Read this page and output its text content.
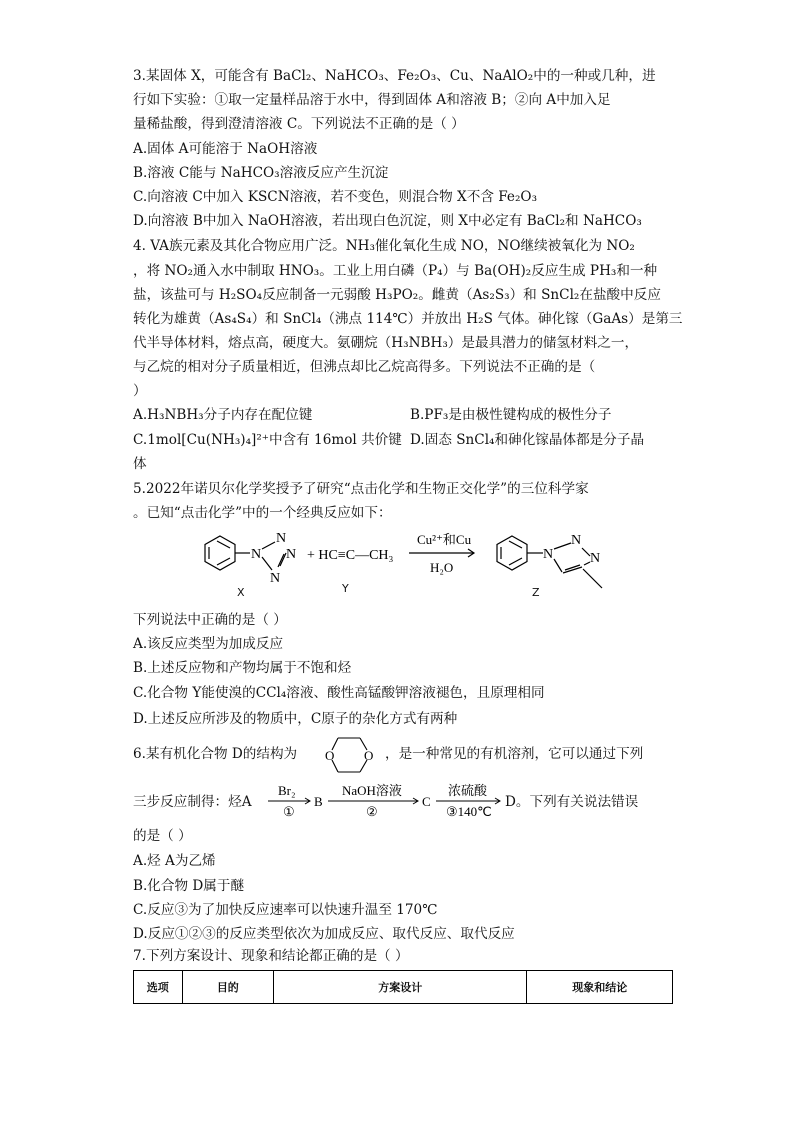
3.某固体 X，可能含有 BaCl₂、NaHCO₃、Fe₂O₃、Cu、NaAlO₂中的一种或几种，进
行如下实验：①取一定量样品溶于水中，得到固体 A和溶液 B；②向 A中加入足
量稀盐酸，得到澄清溶液 C。下列说法不正确的是（ ）
A.固体 A可能溶于 NaOH溶液
B.溶液 C能与 NaHCO₃溶液反应产生沉淀
C.向溶液 C中加入 KSCN溶液，若不变色，则混合物 X不含 Fe₂O₃
D.向溶液 B中加入 NaOH溶液，若出现白色沉淀，则 X中必定有 BaCl₂和 NaHCO₃
4. VA族元素及其化合物应用广泛。NH₃催化氧化生成 NO，NO继续被氧化为 NO₂
，将 NO₂通入水中制取 HNO₃。工业上用白磷（P₄）与 Ba(OH)₂反应生成 PH₃和一种
盐，该盐可与 H₂SO₄反应制备一元弱酸 H₃PO₂。雌黄（As₂S₃）和 SnCl₂在盐酸中反应
转化为雄黄（As₄S₄）和 SnCl₄（沸点 114℃）并放出 H₂S 气体。砷化镓（GaAs）是第三
代半导体材料，熔点高，硬度大。氨硼烷（H₃NBH₃）是最具潜力的储氢材料之一，
与乙烷的相对分子质量相近，但沸点却比乙烷高得多。下列说法不正确的是（
）
A.H₃NBH₃分子内存在配位键	B.PF₃是由极性键构成的极性分子
C.1mol[Cu(NH₃)₄]²⁺中含有 16mol 共价键 D.固态 SnCl₄和砷化镓晶体都是分子晶
体
5.2022年诺贝尔化学奖授予了研究“点击化学和生物正交化学”的三位科学家
。已知“点击化学”中的一个经典反应如下：
N
N
N
N
N
N
N
+ HC≡C—CH₃
Cu²⁺和Cu
H₂O
X	Y	Z
下列说法中正确的是（ ）
A.该反应类型为加成反应
B.上述反应物和产物均属于不饱和烃
C.化合物 Y能使溴的CCl₄溶液、酸性高锰酸钾溶液褪色，且原理相同
D.上述反应所涉及的物质中，C原子的杂化方式有两种
6.某有机化合物 D的结构为 O O ，是一种常见的有机溶剂，它可以通过下列
三步反应制得：烃A
Br₂
①
B
NaOH溶液
②
C
浓硫酸
③140℃
D。下列有关说法错误
的是（ ）
A.烃 A为乙烯
B.化合物 D属于醚
C.反应③为了加快反应速率可以快速升温至 170℃
D.反应①②③的反应类型依次为加成反应、取代反应、取代反应
7.下列方案设计、现象和结论都正确的是（ ）
选项	目的	方案设计	现象和结论
